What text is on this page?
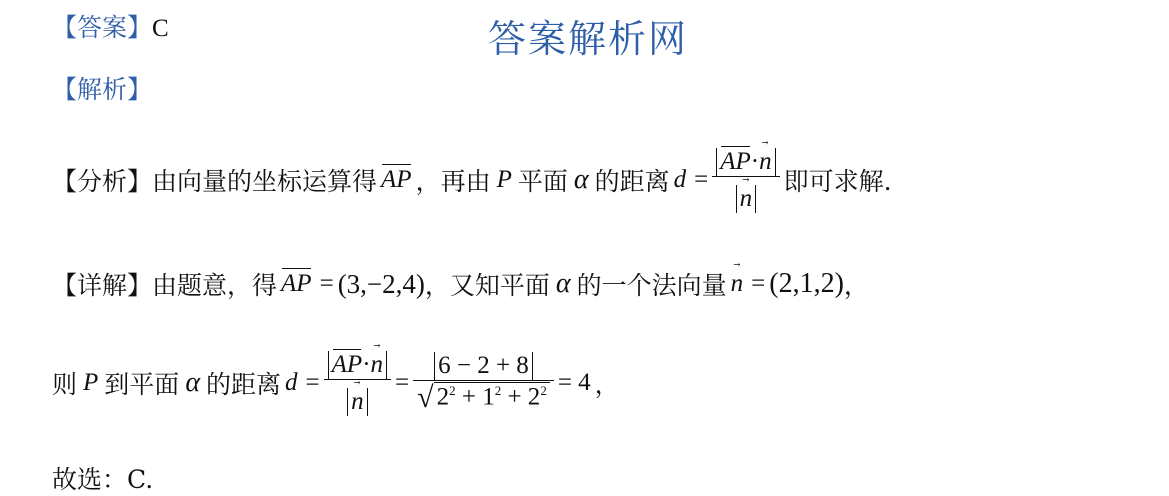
答案解析网
【答案】C
【解析】
【分析】 由向量的坐标运算得 AP ，再由 P 平面 α 的距离 d = AP·→ n
→ n 即可求解.
【详解】 由题意，得 AP = (3,−2,4) ，又知平面 α 的一个法向量
→ n = (2,1,2) ，
则 P 到平面 α 的距离 d = AP·→ n
→ $n = \frac{6 - 2 + 8}{√ 2^2 + 1^2 + 2^2} = 4$ ，
故选：C.
